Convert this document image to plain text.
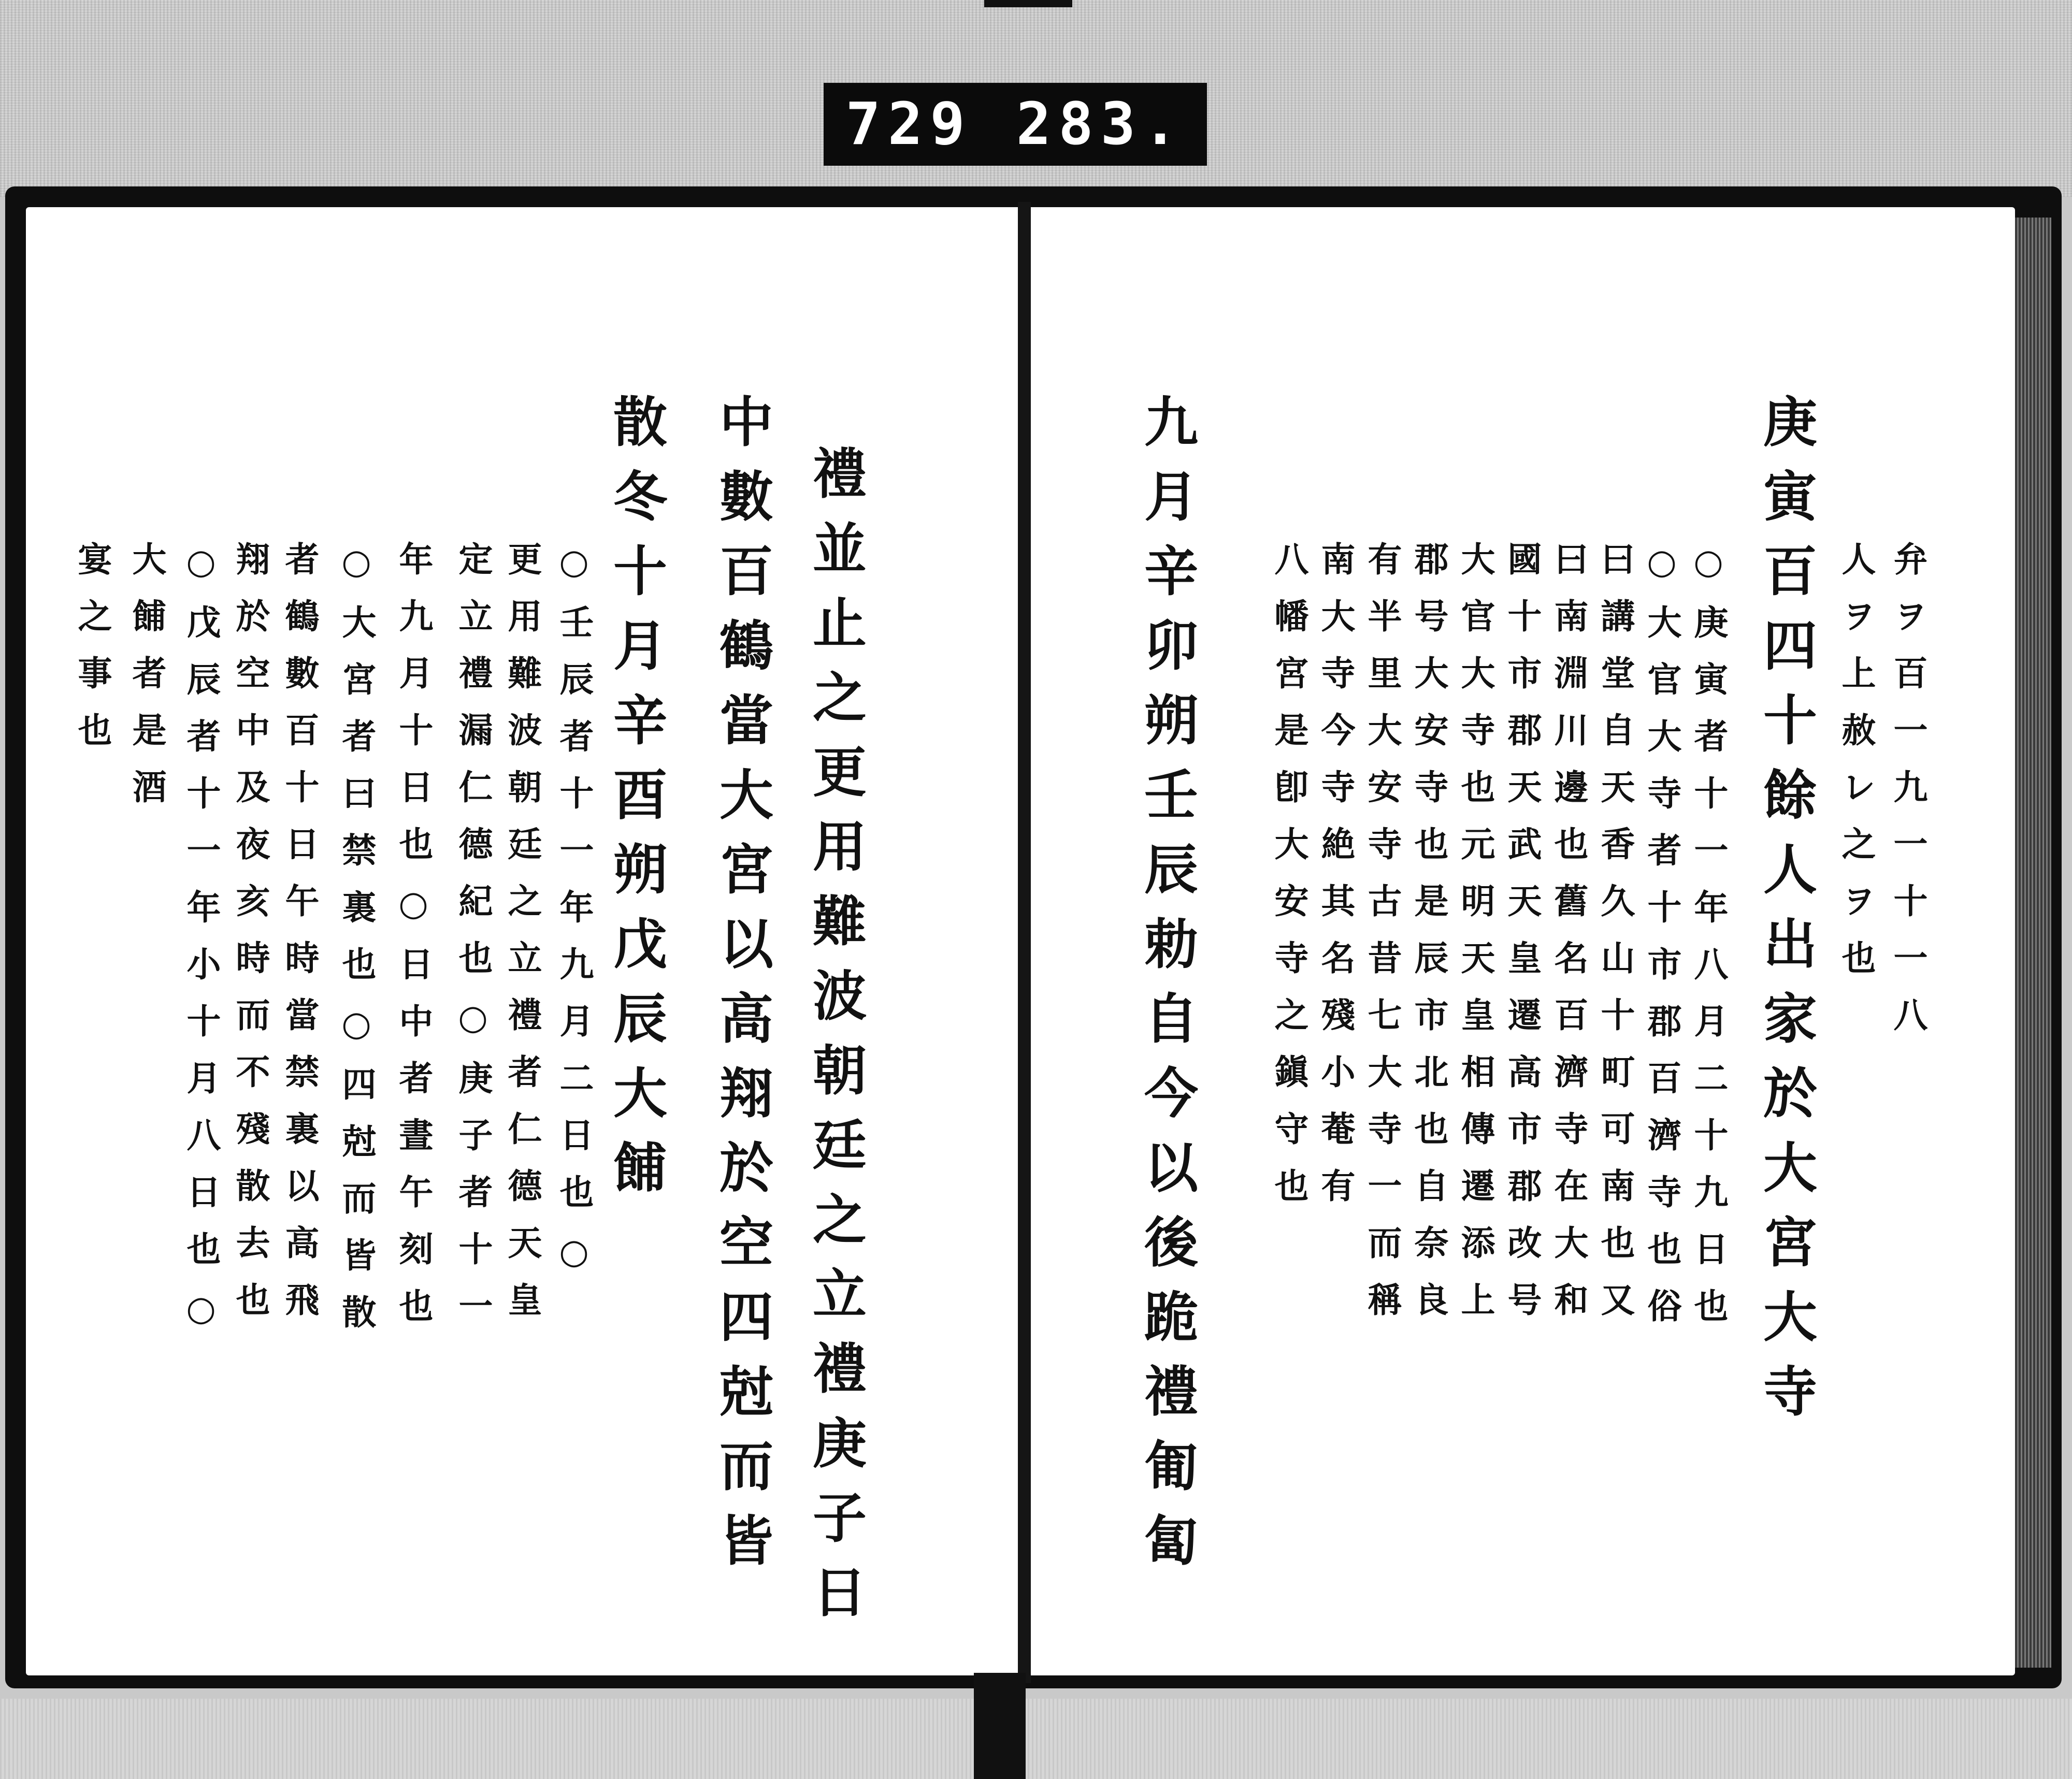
729 283.
弁ヲ百一九一十一八
人ヲ上赦レ之ヲ也
庚寅百四十餘人出家於大宮大寺
○庚寅者十一年八月二十九日也
○大官大寺者十市郡百濟寺也俗
曰講堂自天香久山十町可南也又
曰南淵川邊也舊名百濟寺在大和
國十市郡天武天皇遷高市郡改号
大官大寺也元明天皇相傳遷添上
郡号大安寺也是辰市北也自奈良
有半里大安寺古昔七大寺一而稱
南大寺今寺絶其名殘小菴有
八幡宮是卽大安寺之鎭守也
九月辛卯朔壬辰勅自今以後跪禮匍匐
禮並止之更用難波朝廷之立禮庚子日
中數百鶴當大宮以高翔於空四尅而皆
散冬十月辛酉朔戊辰大餔
○壬辰者十一年九月二日也○
更用難波朝廷之立禮者仁德天皇
定立禮漏仁德紀也○庚子者十一
年九月十日也○日中者晝午刻也
○大宮者曰禁裏也○四尅而皆散
者鶴數百十日午時當禁裏以高飛
翔於空中及夜亥時而不殘散去也
○戊辰者十一年小十月八日也○
大餔者是酒
宴之事也
